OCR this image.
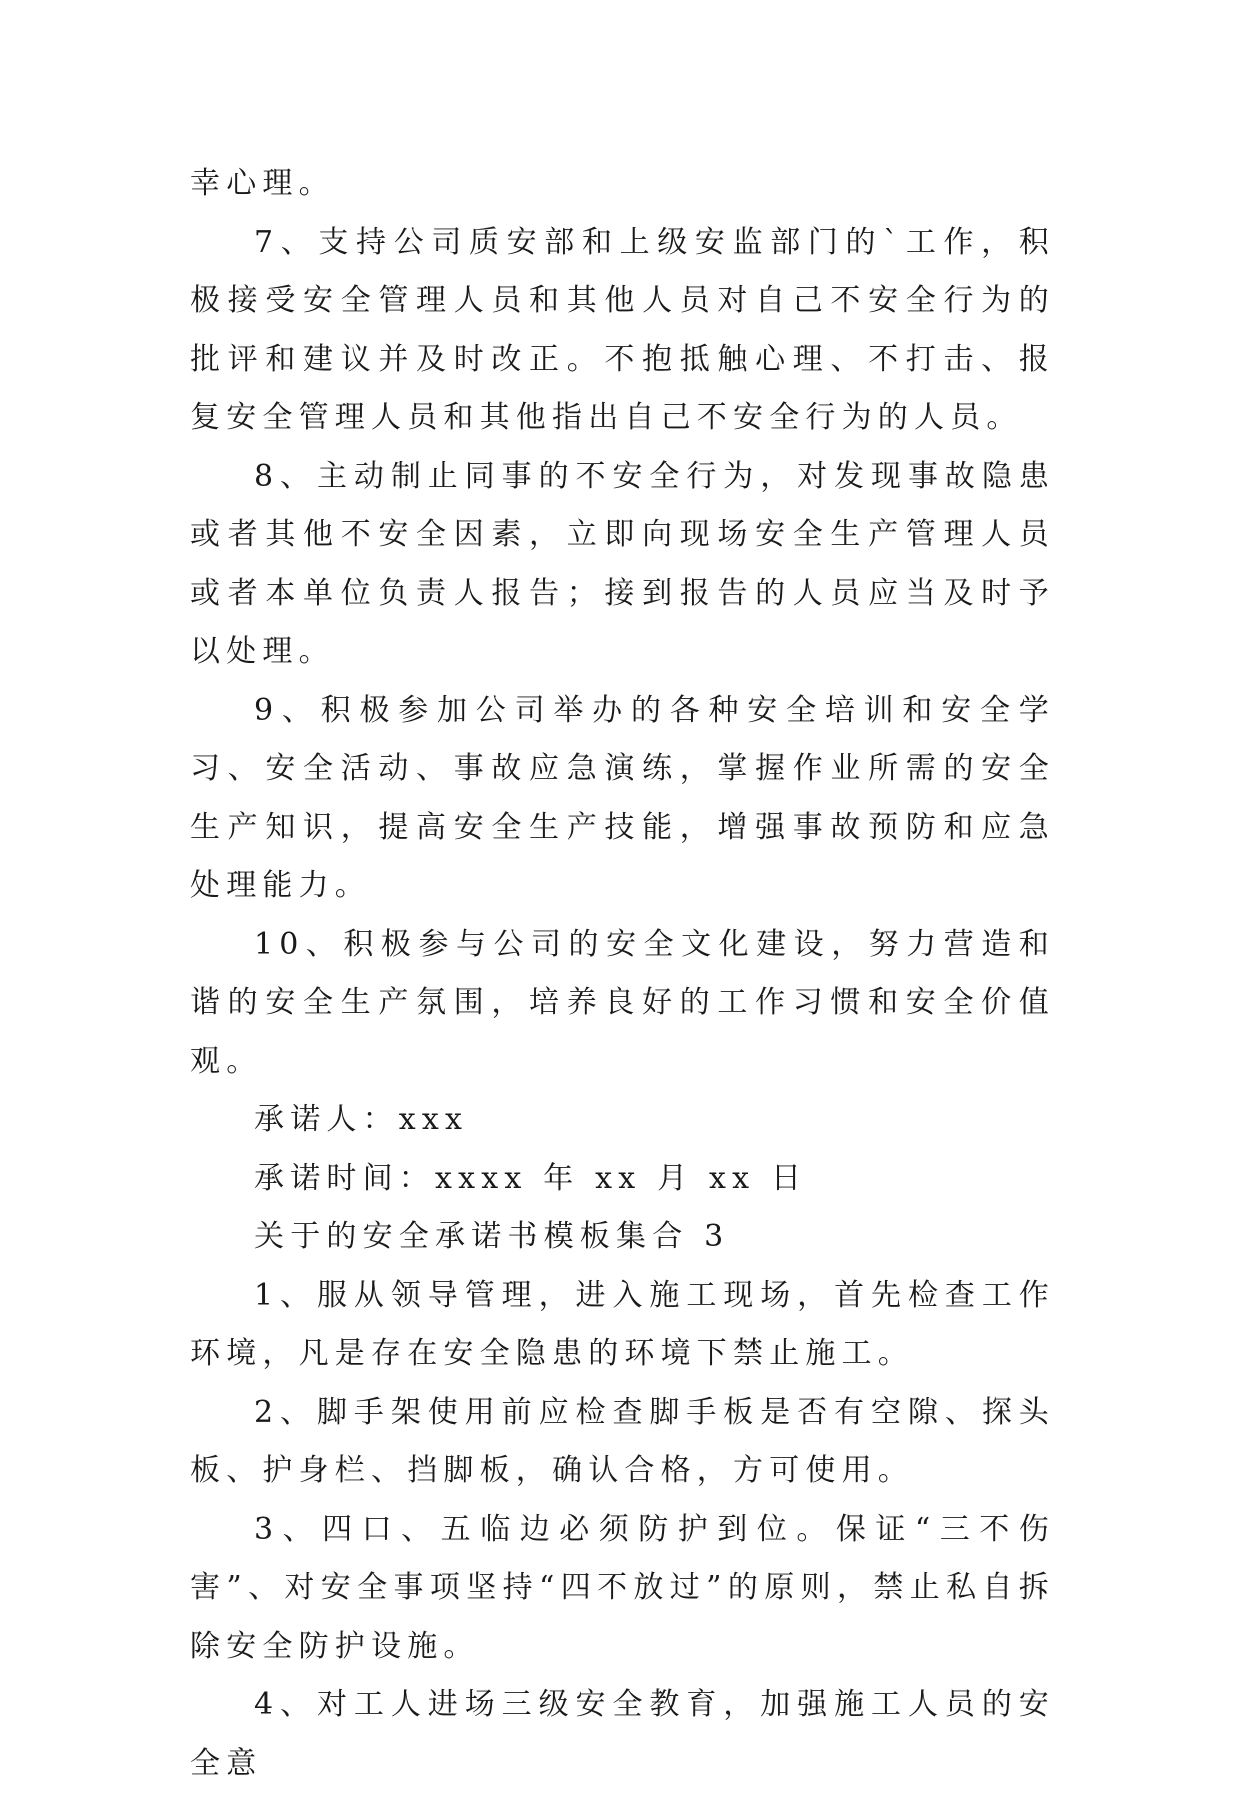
幸心理。

7、支持公司质安部和上级安监部门的`工作，积极接受安全管理人员和其他人员对自己不安全行为的批评和建议并及时改正。不抱抵触心理、不打击、报复安全管理人员和其他指出自己不安全行为的人员。

8、主动制止同事的不安全行为，对发现事故隐患或者其他不安全因素，立即向现场安全生产管理人员或者本单位负责人报告；接到报告的人员应当及时予以处理。

9、积极参加公司举办的各种安全培训和安全学习、安全活动、事故应急演练，掌握作业所需的安全生产知识，提高安全生产技能，增强事故预防和应急处理能力。

10、积极参与公司的安全文化建设，努力营造和谐的安全生产氛围，培养良好的工作习惯和安全价值观。

承诺人：xxx

承诺时间：xxxx 年 xx 月 xx 日

关于的安全承诺书模板集合 3

1、服从领导管理，进入施工现场，首先检查工作环境，凡是存在安全隐患的环境下禁止施工。

2、脚手架使用前应检查脚手板是否有空隙、探头板、护身栏、挡脚板，确认合格，方可使用。

3、四口、五临边必须防护到位。保证“三不伤害”、对安全事项坚持“四不放过”的原则，禁止私自拆除安全防护设施。

4、对工人进场三级安全教育，加强施工人员的安全意
